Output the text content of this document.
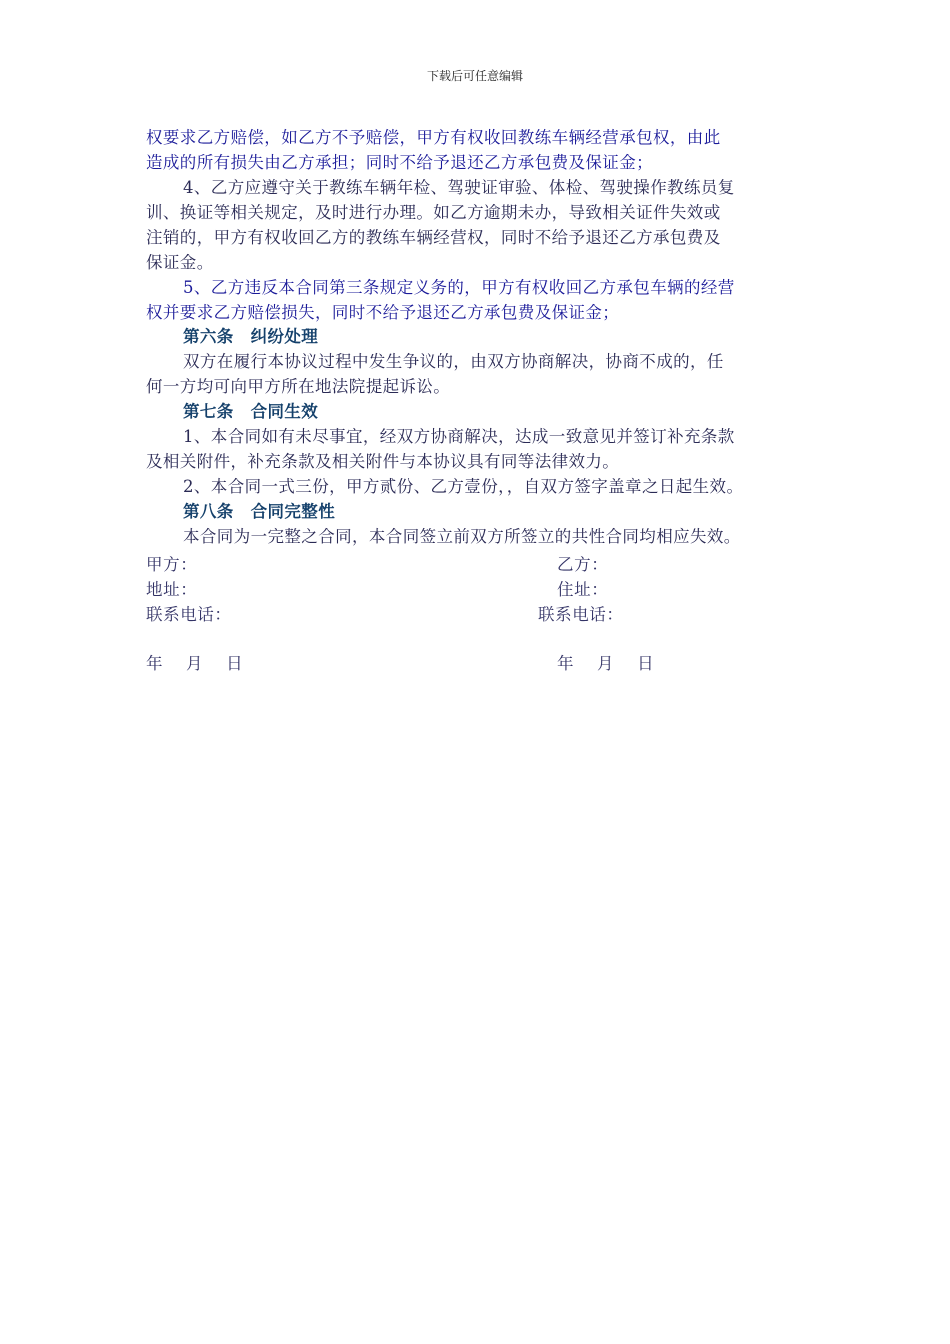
下载后可任意编辑
权要求乙方赔偿，如乙方不予赔偿，甲方有权收回教练车辆经营承包权，由此
造成的所有损失由乙方承担；同时不给予退还乙方承包费及保证金；
4、乙方应遵守关于教练车辆年检、驾驶证审验、体检、驾驶操作教练员复
训、换证等相关规定，及时进行办理。如乙方逾期未办，导致相关证件失效或
注销的，甲方有权收回乙方的教练车辆经营权，同时不给予退还乙方承包费及
保证金。
5、乙方违反本合同第三条规定义务的，甲方有权收回乙方承包车辆的经营
权并要求乙方赔偿损失，同时不给予退还乙方承包费及保证金；
第六条　纠纷处理
双方在履行本协议过程中发生争议的，由双方协商解决，协商不成的，任
何一方均可向甲方所在地法院提起诉讼。
第七条　合同生效
1、本合同如有未尽事宜，经双方协商解决，达成一致意见并签订补充条款
及相关附件，补充条款及相关附件与本协议具有同等法律效力。
2、本合同一式三份，甲方贰份、乙方壹份，，自双方签字盖章之日起生效。
第八条　合同完整性
本合同为一完整之合同，本合同签立前双方所签立的共性合同均相应失效。
甲方：	乙方：
地址：	住址：
联系电话：	联系电话：
年　 月　 日	年　 月　 日
